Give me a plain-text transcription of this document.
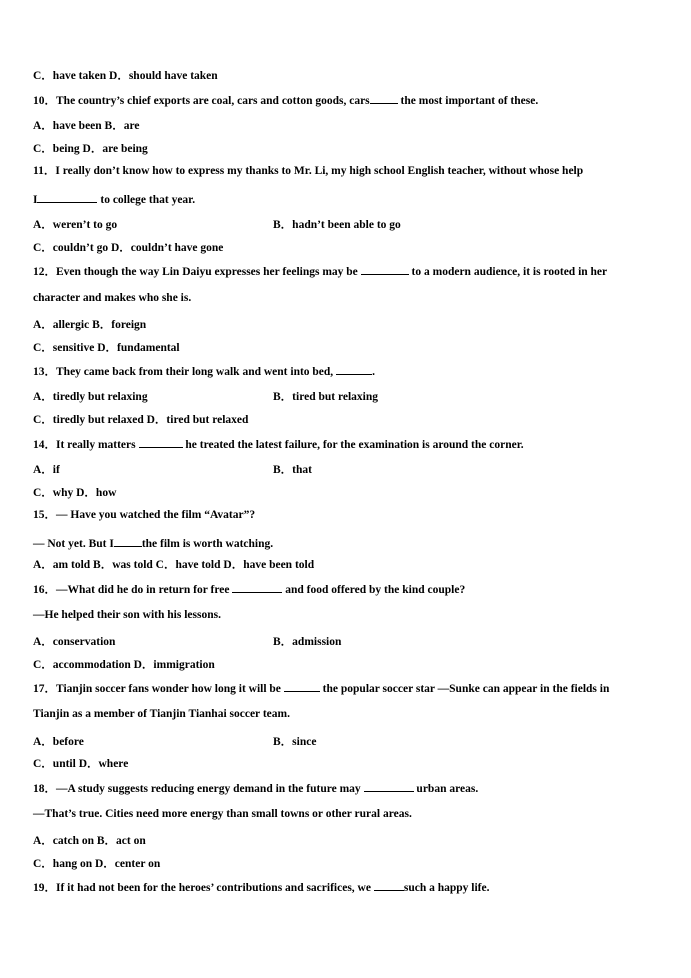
C．have taken D．should have taken
10．The country’s chief exports are coal, cars and cotton goods, cars the most important of these.
A．have been B．are
C．being D．are being
11．I really don’t know how to express my thanks to Mr. Li, my high school English teacher, without whose help
I	to college that year.
A．weren’t to go	B．hadn’t been able to go
C．couldn’t go D．couldn’t have gone
12．Even though the way Lin Daiyu expresses her feelings may be	to a modern audience, it is rooted in her
character and makes who she is.
A．allergic B．foreign
C．sensitive D．fundamental
13．They came back from their long walk and went into bed,	.
A．tiredly but relaxing	B．tired but relaxing
C．tiredly but relaxed D．tired but relaxed
14．It really matters	he treated the latest failure, for the examination is around the corner.
A．if	B．that
C．why D．how
15．— Have you watched the film “Avatar”?
— Not yet. But I the film is worth watching.
A．am told B．was told C．have told D．have been told
16．—What did he do in return for free	and food offered by the kind couple?
—He helped their son with his lessons.
A．conservation	B．admission
C．accommodation D．immigration
17．Tianjin soccer fans wonder how long it will be	the popular soccer star —Sunke can appear in the fields in
Tianjin as a member of Tianjin Tianhai soccer team.
A．before	B．since
C．until D．where
18．—A study suggests reducing energy demand in the future may	urban areas.
—That’s true. Cities need more energy than small towns or other rural areas.
A．catch on B．act on
C．hang on D．center on
19．If it had not been for the heroes’ contributions and sacrifices, we	such a happy life.
